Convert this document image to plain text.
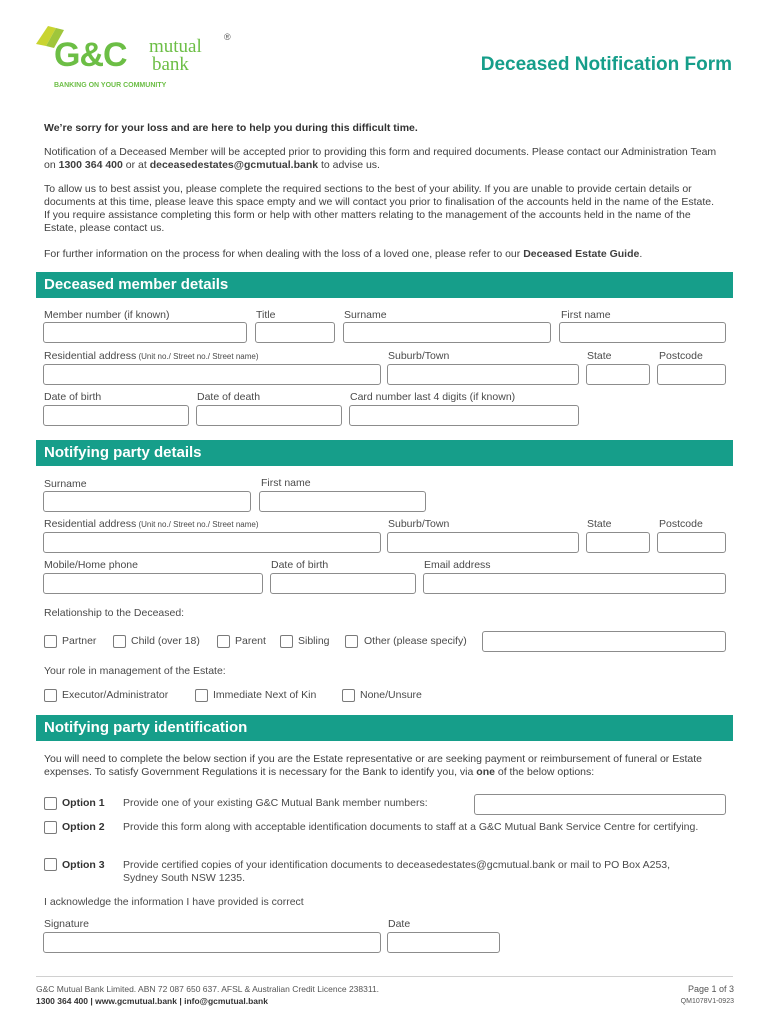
G&C mutual ®
bank
BANKING ON YOUR COMMUNITY
Deceased Notification Form
We’re sorry for your loss and are here to help you during this difficult time.
Notification of a Deceased Member will be accepted prior to providing this form and required documents. Please contact our Administration Team on 1300 364 400 or at deceasedestates@gcmutual.bank to advise us.
To allow us to best assist you, please complete the required sections to the best of your ability. If you are unable to provide certain details or documents at this time, please leave this space empty and we will contact you prior to finalisation of the accounts held in the name of the Estate. If you require assistance completing this form or help with other matters relating to the management of the accounts held in the name of the Estate, please contact us.
For further information on the process for when dealing with the loss of a loved one, please refer to our Deceased Estate Guide.
Deceased member details
Member number (if known)	Title	Surname	First name
Residential address (Unit no./ Street no./ Street name)	Suburb/Town	State	Postcode
Date of birth	Date of death	Card number last 4 digits (if known)
Notifying party details
Surname	First name
Residential address (Unit no./ Street no./ Street name)	Suburb/Town	State	Postcode
Mobile/Home phone	Date of birth	Email address
Relationship to the Deceased:
Partner	Child (over 18)	Parent	Sibling	Other (please specify)
Your role in management of the Estate:
Executor/Administrator	Immediate Next of Kin	None/Unsure
Notifying party identification
You will need to complete the below section if you are the Estate representative or are seeking payment or reimbursement of funeral or Estate expenses. To satisfy Government Regulations it is necessary for the Bank to identify you, via one of the below options:
Option 1 Provide one of your existing G&C Mutual Bank member numbers:
Option 2 Provide this form along with acceptable identification documents to staff at a G&C Mutual Bank Service Centre for certifying.
Option 3 Provide certified copies of your identification documents to deceasedestates@gcmutual.bank or mail to PO Box A253, Sydney South NSW 1235.
I acknowledge the information I have provided is correct
Signature	Date
G&C Mutual Bank Limited. ABN 72 087 650 637. AFSL & Australian Credit Licence 238311.
1300 364 400 | www.gcmutual.bank | info@gcmutual.bank
Page 1 of 3
QM1078V1-0923
